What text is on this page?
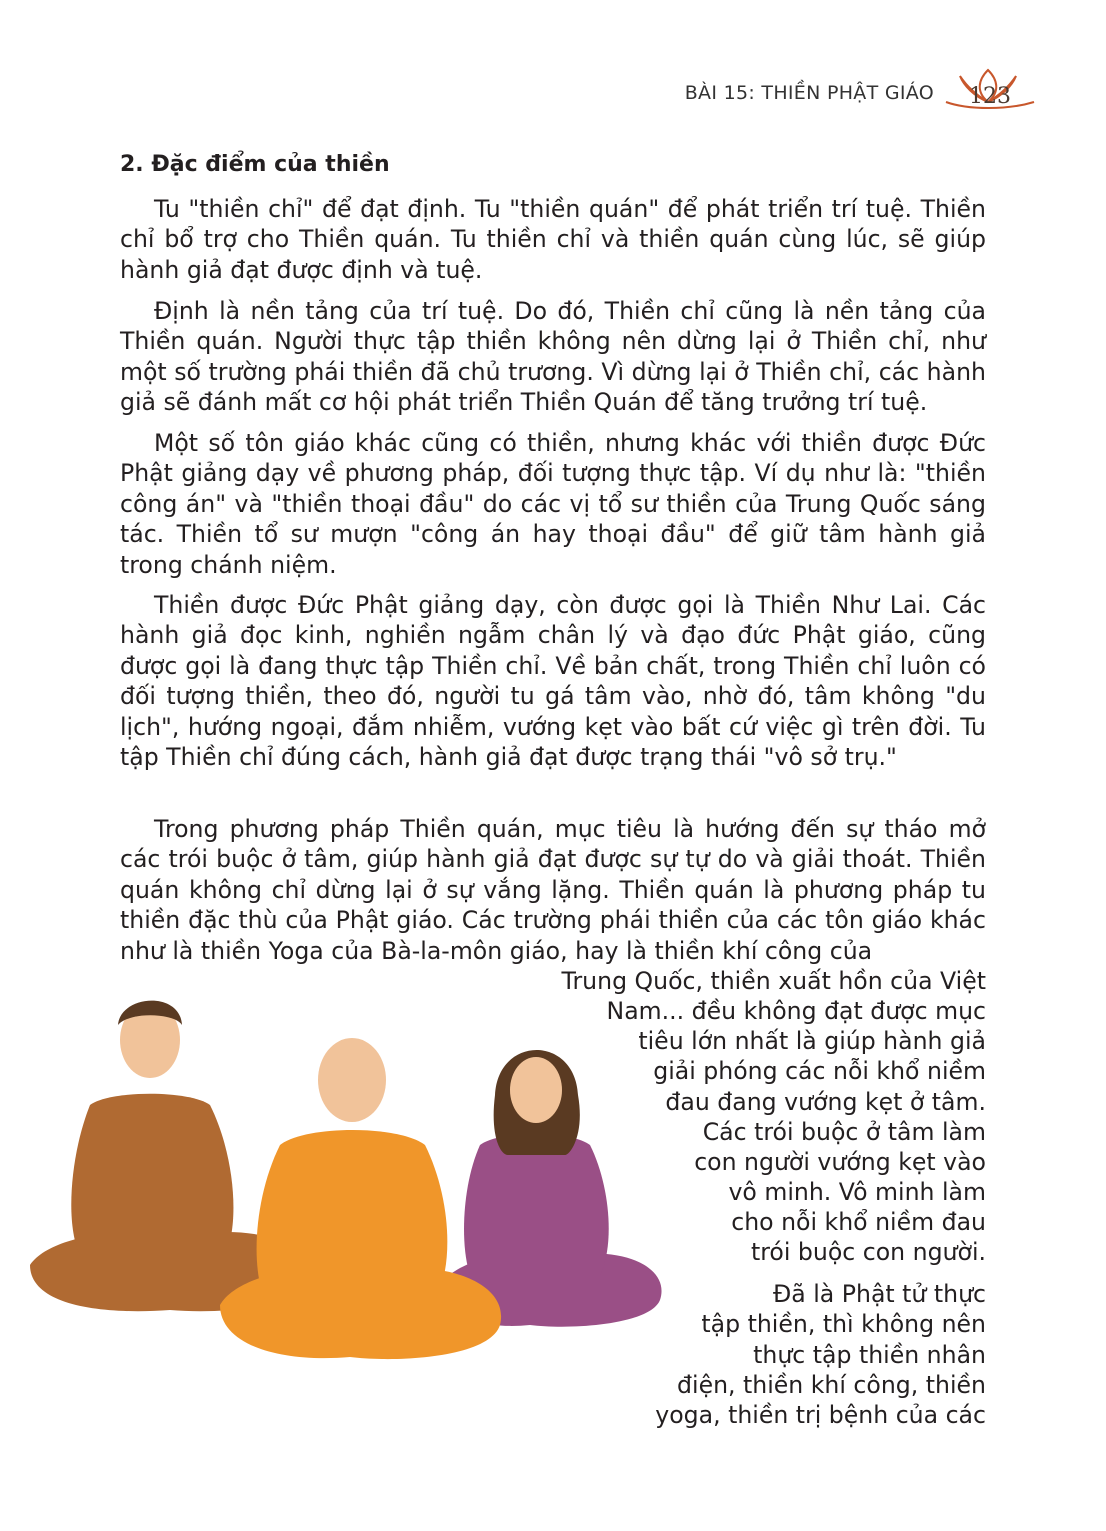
BÀI 15: THIỀN PHẬT GIÁO 123
2. Đặc điểm của thiền

Tu "thiền chỉ" để đạt định. Tu "thiền quán" để phát triển trí tuệ. Thiền chỉ bổ trợ cho Thiền quán. Tu thiền chỉ và thiền quán cùng lúc, sẽ giúp hành giả đạt được định và tuệ.

Định là nền tảng của trí tuệ. Do đó, Thiền chỉ cũng là nền tảng của Thiền quán. Người thực tập thiền không nên dừng lại ở Thiền chỉ, như một số trường phái thiền đã chủ trương. Vì dừng lại ở Thiền chỉ, các hành giả sẽ đánh mất cơ hội phát triển Thiền Quán để tăng trưởng trí tuệ.

Một số tôn giáo khác cũng có thiền, nhưng khác với thiền được Đức Phật giảng dạy về phương pháp, đối tượng thực tập. Ví dụ như là: "thiền công án" và "thiền thoại đầu" do các vị tổ sư thiền của Trung Quốc sáng tác. Thiền tổ sư mượn "công án hay thoại đầu" để giữ tâm hành giả trong chánh niệm.

Thiền được Đức Phật giảng dạy, còn được gọi là Thiền Như Lai. Các hành giả đọc kinh, nghiền ngẫm chân lý và đạo đức Phật giáo, cũng được gọi là đang thực tập Thiền chỉ. Về bản chất, trong Thiền chỉ luôn có đối tượng thiền, theo đó, người tu gá tâm vào, nhờ đó, tâm không "du lịch", hướng ngoại, đắm nhiễm, vướng kẹt vào bất cứ việc gì trên đời. Tu tập Thiền chỉ đúng cách, hành giả đạt được trạng thái "vô sở trụ."

Trong phương pháp Thiền quán, mục tiêu là hướng đến sự tháo mở các trói buộc ở tâm, giúp hành giả đạt được sự tự do và giải thoát. Thiền quán không chỉ dừng lại ở sự vắng lặng. Thiền quán là phương pháp tu thiền đặc thù của Phật giáo. Các trường phái thiền của các tôn giáo khác như là thiền Yoga của Bà-la-môn giáo, hay là thiền khí công của

Trung Quốc, thiền xuất hồn của Việt

Nam... đều không đạt được mục

tiêu lớn nhất là giúp hành giả

giải phóng các nỗi khổ niềm

đau đang vướng kẹt ở tâm.

Các trói buộc ở tâm làm

con người vướng kẹt vào

vô minh. Vô minh làm

cho nỗi khổ niềm đau

trói buộc con người.

Đã là Phật tử thực

tập thiền, thì không nên

thực tập thiền nhân

điện, thiền khí công, thiền

yoga, thiền trị bệnh của các
